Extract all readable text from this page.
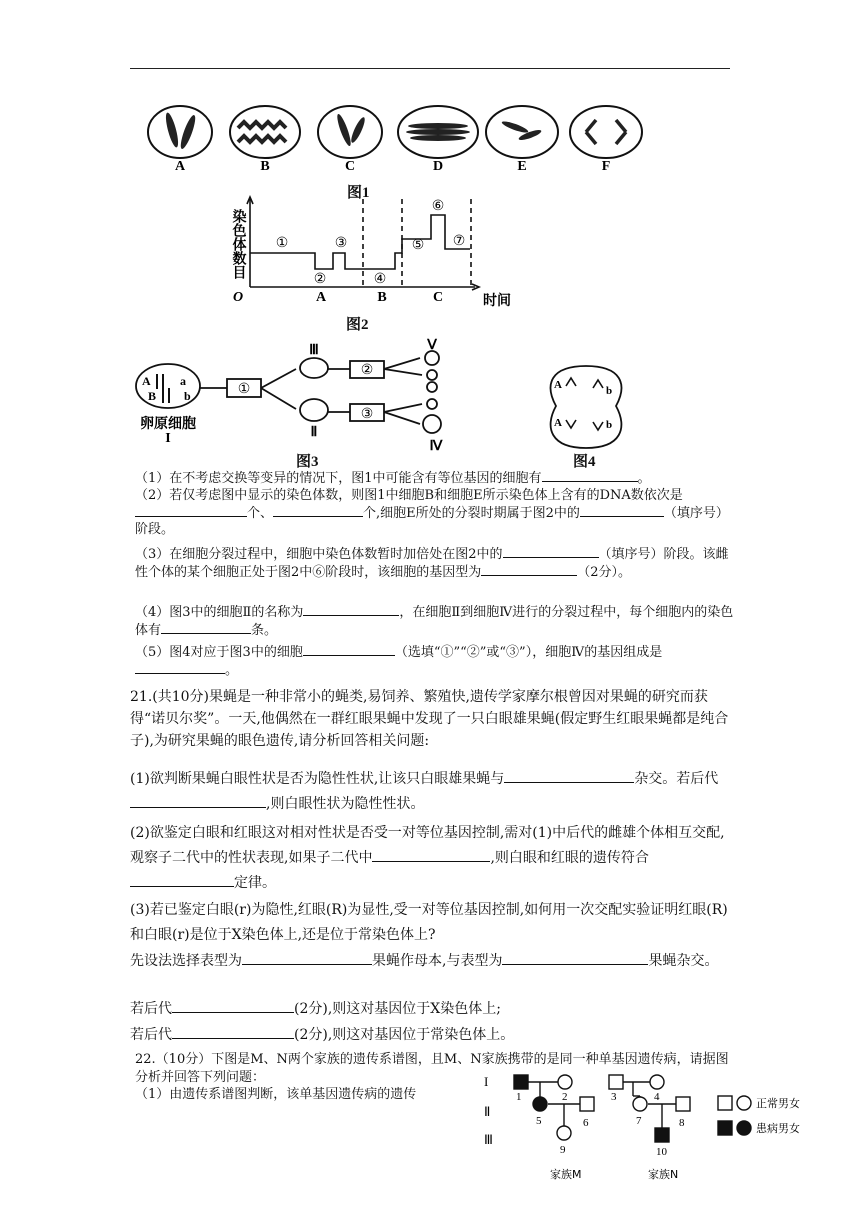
A	B	C	D	E	F
图1
①
②
③
④
⑤
⑥
⑦
O	A	B	C	时间
染色体数目
图2
A a
B b	①
②
③
Ⅲ
Ⅱ
Ⅴ
Ⅳ
卵原细胞
I
图3
A	b
A	b
图4
（1）在不考虑交换等变异的情况下，图1中可能含有等位基因的细胞有	。
（2）若仅考虑图中显示的染色体数，则图1中细胞B和细胞E所示染色体上含有的DNA数依次是个、	个,细胞E所处的分裂时期属于图2中的	（填序号）阶段。
（3）在细胞分裂过程中，细胞中染色体数暂时加倍处在图2中的	（填序号）阶段。该雌性个体的某个细胞正处于图2中⑥阶段时，该细胞的基因型为	（2分）。
（4）图3中的细胞Ⅱ的名称为	，在细胞Ⅱ到细胞Ⅳ进行的分裂过程中，每个细胞内的染色体有	条。
（5）图4对应于图3中的细胞	（选填“①”“②”或“③”），细胞Ⅳ的基因组成是。
21.(共10分)果蝇是一种非常小的蝇类,易饲养、繁殖快,遗传学家摩尔根曾因对果蝇的研究而获得“诺贝尔奖”。一天,他偶然在一群红眼果蝇中发现了一只白眼雄果蝇(假定野生红眼果蝇都是纯合子),为研究果蝇的眼色遗传,请分析回答相关问题:
(1)欲判断果蝇白眼性状是否为隐性性状,让该只白眼雄果蝇与	杂交。若后代,则白眼性状为隐性性状。
(2)欲鉴定白眼和红眼这对相对性状是否受一对等位基因控制,需对(1)中后代的雌雄个体相互交配,观察子二代中的性状表现,如果子二代中	,则白眼和红眼的遗传符合定律。
(3)若已鉴定白眼(r)为隐性,红眼(R)为显性,受一对等位基因控制,如何用一次交配实验证明红眼(R)和白眼(r)是位于X染色体上,还是位于常染色体上?
先设法选择表型为	果蝇作母本,与表型为	果蝇杂交。
若后代	(2分),则这对基因位于X染色体上;
若后代	(2分),则这对基因位于常染色体上。
22.（10分）下图是M、N两个家族的遗传系谱图，且M、N家族携带的是同一种单基因遗传病，请据图分析并回答下列问题：
（1）由遗传系谱图判断，该单基因遗传病的遗传
I
Ⅱ
Ⅲ
1	2	3	4
5	6	7	8
9	10
家族M	家族N
正常男女
患病男女
